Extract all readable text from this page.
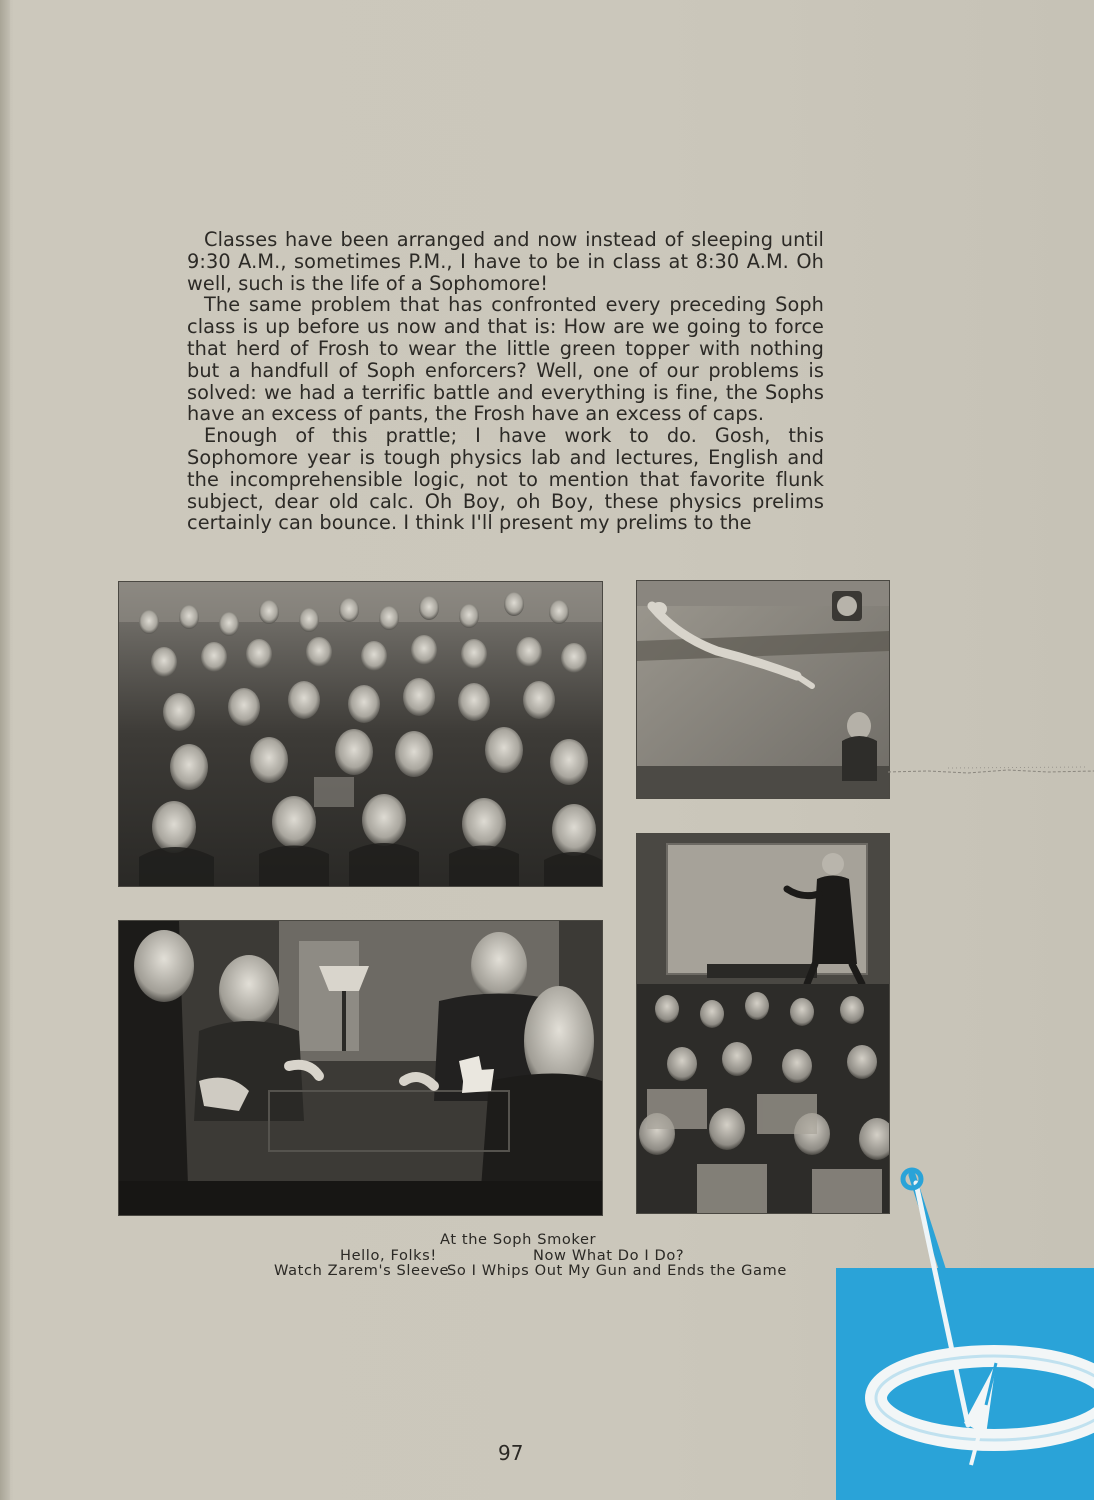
Classes have been arranged and now instead of sleeping until 9:30 A.M., sometimes P.M., I have to be in class at 8:30 A.M. Oh well, such is the life of a Sophomore!

The same problem that has confronted every preceding Soph class is up before us now and that is: How are we going to force that herd of Frosh to wear the little green topper with nothing but a handfull of Soph enforcers? Well, one of our problems is solved: we had a terrific battle and everything is fine, the Sophs have an excess of pants, the Frosh have an excess of caps.

Enough of this prattle; I have work to do. Gosh, this Sophomore year is tough physics lab and lectures, English and the incomprehensible logic, not to mention that favorite flunk subject, dear old calc. Oh Boy, oh Boy, these physics prelims certainly can bounce. I think I'll present my prelims to the

At the Soph Smoker
Hello, Folks!	Now What Do I Do?
Watch Zarem's Sleeve
So I Whips Out My Gun and Ends the Game
97
